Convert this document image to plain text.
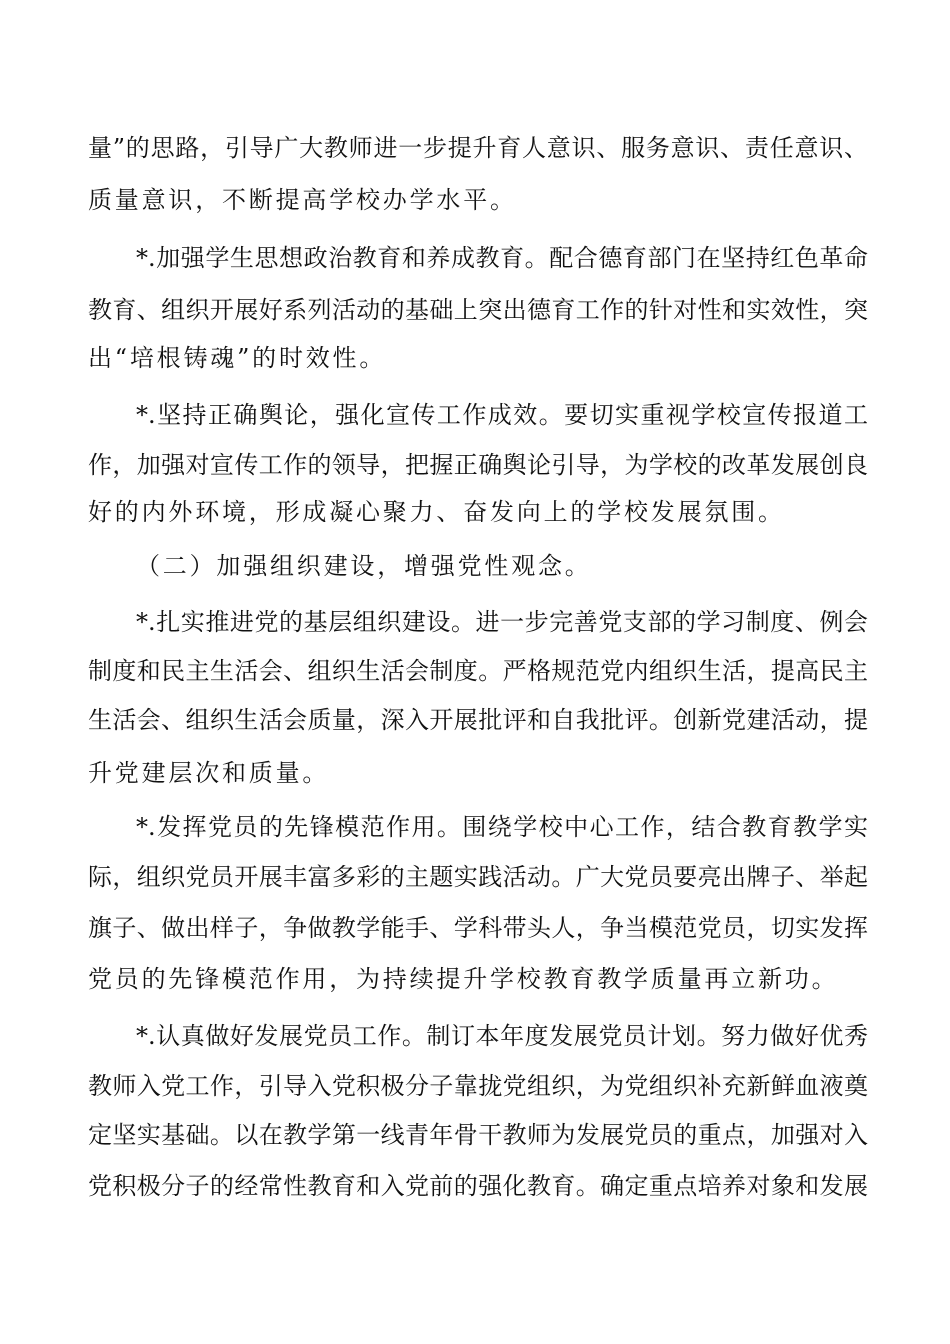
量”的思路，引导广大教师进一步提升育人意识、服务意识、责任意识、
质量意识，不断提高学校办学水平。
*.加强学生思想政治教育和养成教育。配合德育部门在坚持红色革命
教育、组织开展好系列活动的基础上突出德育工作的针对性和实效性，突
出“培根铸魂”的时效性。
*.坚持正确舆论，强化宣传工作成效。要切实重视学校宣传报道工
作，加强对宣传工作的领导，把握正确舆论引导，为学校的改革发展创良
好的内外环境，形成凝心聚力、奋发向上的学校发展氛围。
（二）加强组织建设，增强党性观念。
*.扎实推进党的基层组织建设。进一步完善党支部的学习制度、例会
制度和民主生活会、组织生活会制度。严格规范党内组织生活，提高民主
生活会、组织生活会质量，深入开展批评和自我批评。创新党建活动，提
升党建层次和质量。
*.发挥党员的先锋模范作用。围绕学校中心工作，结合教育教学实
际，组织党员开展丰富多彩的主题实践活动。广大党员要亮出牌子、举起
旗子、做出样子，争做教学能手、学科带头人，争当模范党员，切实发挥
党员的先锋模范作用，为持续提升学校教育教学质量再立新功。
*.认真做好发展党员工作。制订本年度发展党员计划。努力做好优秀
教师入党工作，引导入党积极分子靠拢党组织，为党组织补充新鲜血液奠
定坚实基础。以在教学第一线青年骨干教师为发展党员的重点，加强对入
党积极分子的经常性教育和入党前的强化教育。确定重点培养对象和发展
